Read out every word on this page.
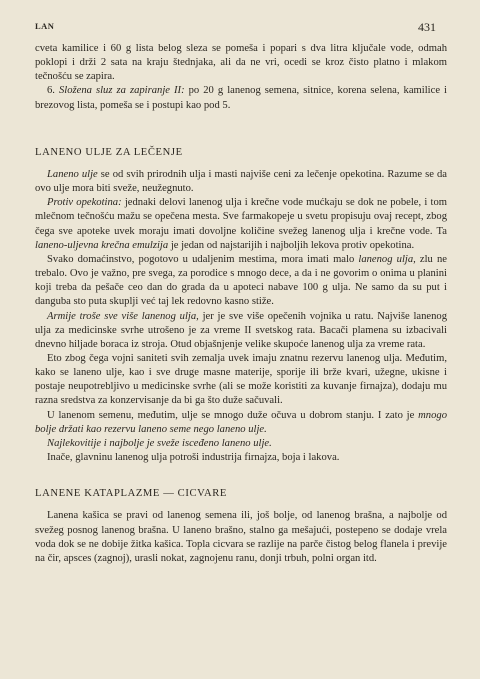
LAN	431

cveta kamilice i 60 g lista belog sleza se pomeša i popari s dva litra ključale vode, odmah poklopi i drži 2 sata na kraju štednjaka, ali da ne vri, ocedi se kroz čisto platno i mlakom tečnošću se zapira.

6. Složena sluz za zapiranje II: po 20 g lanenog semena, sitnice, korena selena, kamilice i brezovog lista, pomeša se i postupi kao pod 5.

LANENO ULJE ZA LEČENJE

Laneno ulje se od svih prirodnih ulja i masti najviše ceni za lečenje opekotina. Razume se da ovo ulje mora biti sveže, neužegnuto.

Protiv opekotina: jednaki delovi lanenog ulja i krečne vode mućkaju se dok ne pobele, i tom mlečnom tečnošću mažu se opečena mesta. Sve farmakopeje u svetu propisuju ovaj recept, zbog čega sve apoteke uvek moraju imati dovoljne količine svežeg lanenog ulja i krečne vode. Ta laneno-uljevna krečna emulzija je jedan od najstarijih i najboljih lekova protiv opekotina.

Svako domaćinstvo, pogotovo u udaljenim mestima, mora imati malo lanenog ulja, zlu ne trebalo. Ovo je važno, pre svega, za porodice s mnogo dece, a da i ne govorim o onima u planini koji treba da pešače ceo dan do grada da u apoteci nabave 100 g ulja. Ne samo da su put i dangubа sto puta skuplji već taj lek redovno kasno stiže.

Armije troše sve više lanenog ulja, jer je sve više opečenih vojnika u ratu. Najviše lanenog ulja za medicinske svrhe utrošeno je za vreme II svetskog rata. Bacači plamena su izbacivali dnevno hiljade boraca iz stroja. Otud objašnjenje velike skupoće lanenog ulja za vreme rata.

Eto zbog čega vojni saniteti svih zemalja uvek imaju znatnu rezervu lanenog ulja. Međutim, kako se laneno ulje, kao i sve druge masne materije, sporije ili brže kvari, užegne, ukisne i postaje neupotrebljivo u medicinske svrhe (ali se može koristiti za kuvanje firnajza), dodaju mu razna sredstva za konzervisanje da bi ga što duže sačuvali.

U lanenom semenu, međutim, ulje se mnogo duže očuva u dobrom stanju. I zato je mnogo bolje držati kao rezervu laneno seme nego laneno ulje.

Najlekovitije i najbolje je sveže isceđeno laneno ulje.

Inače, glavninu lanenog ulja potroši industrija firnajza, boja i lakova.

LANENE KATAPLAZME — CICVARE

Lanena kašica se pravi od lanenog semena ili, još bolje, od lanenog brašna, a najbolje od svežeg posnog lanenog brašna. U laneno brašno, stalno ga mešajući, postepeno se dodaje vrela voda dok se ne dobije žitka kašica. Topla cicvara se razlije na parče čistog belog flanela i previje na čir, apsces (zagnoj), urasli nokat, zagnojenu ranu, donji trbuh, polni organ itd.
